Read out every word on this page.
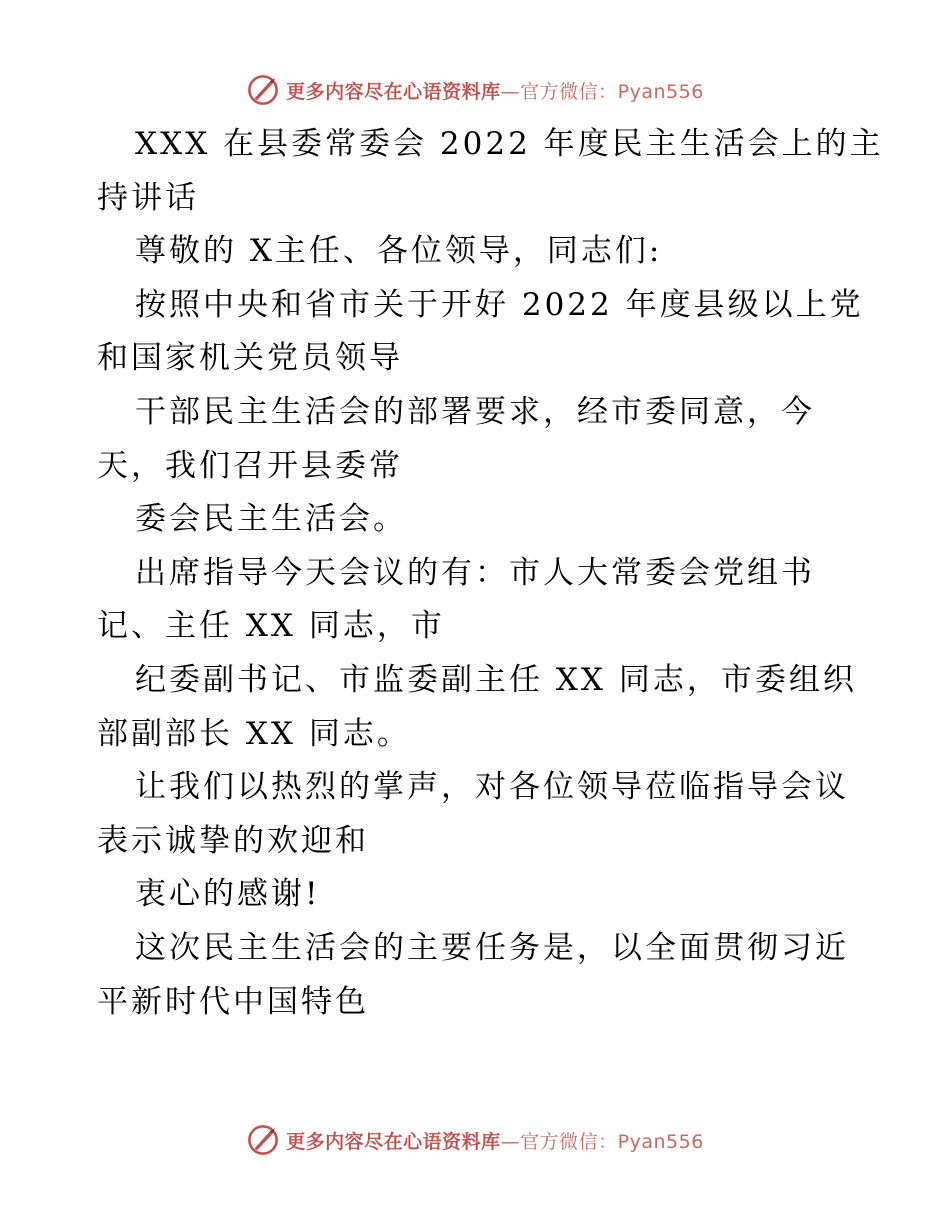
更多内容尽在心语资料库—官方微信：Pyan556
XXX 在县委常委会 2022 年度民主生活会上的主
持讲话
尊敬的 X主任、各位领导，同志们:
按照中央和省市关于开好 2022 年度县级以上党
和国家机关党员领导
干部民主生活会的部署要求，经市委同意，今
天，我们召开县委常
委会民主生活会。
出席指导今天会议的有：市人大常委会党组书
记、主任 XX 同志，市
纪委副书记、市监委副主任 XX 同志，市委组织
部副部长 XX 同志。
让我们以热烈的掌声，对各位领导莅临指导会议
表示诚挚的欢迎和
衷心的感谢!
这次民主生活会的主要任务是，以全面贯彻习近
平新时代中国特色
更多内容尽在心语资料库—官方微信：Pyan556
